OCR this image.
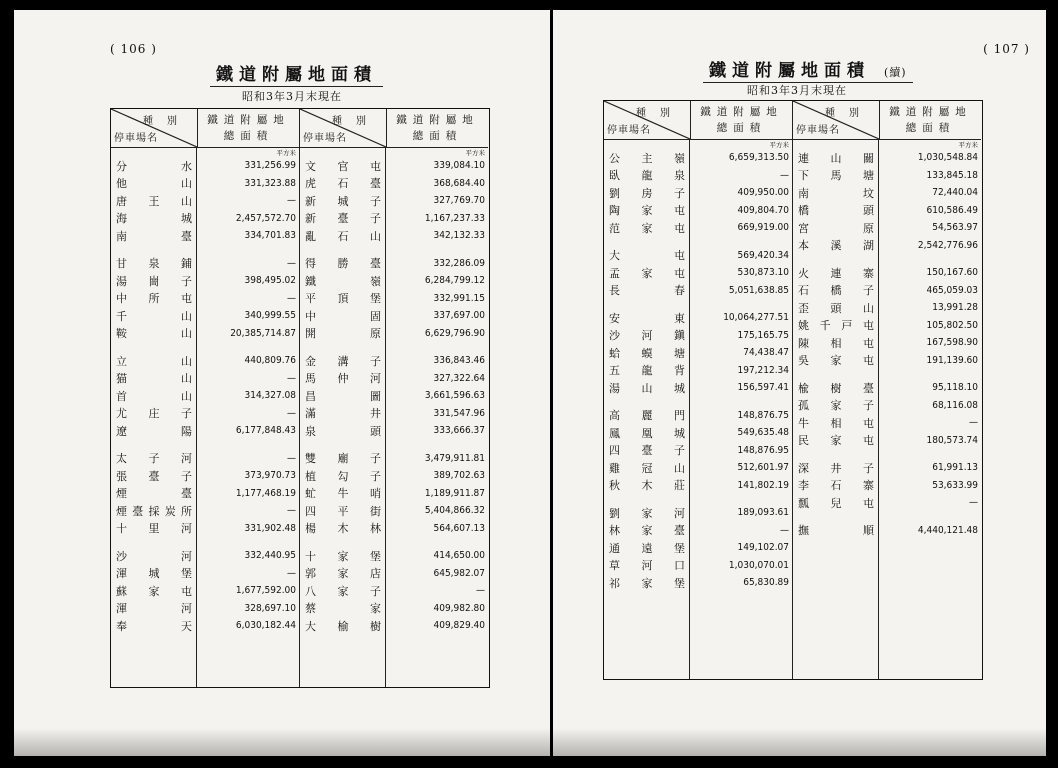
( 106 )
鐵道附屬地面積
昭和3年3月末現在
種別
停車場名
鐵道附屬地
總面積
平方米
分	水	331,256.99
他	山	331,323.88
唐 王 山	—
海	城	2,457,572.70
南	臺	334,701.83
甘 泉 鋪	—
湯 崗 子	398,495.02
中 所 屯	—
千	山	340,999.55
鞍	山	20,385,714.87
立	山	440,809.76
猫	山	—
首	山	314,327.08
尤 庄 子	—
遼	陽	6,177,848.43
太 子 河	—
張 臺 子	373,970.73
煙	臺	1,177,468.19
煙 臺 採 炭 所	—
十 里 河	331,902.48
沙	河	332,440.95
渾 城 堡	—
蘇 家 屯	1,677,592.00
渾	河	328,697.10
奉	天	6,030,182.44
種別
停車場名
鐵道附屬地
總面積
平方米
文 官 屯	339,084.10
虎 石 臺	368,684.40
新 城 子	327,769.70
新 臺 子	1,167,237.33
亂 石 山	342,132.33
得 勝 臺	332,286.09
鐵	嶺	6,284,799.12
平 頂 堡	332,991.15
中	固	337,697.00
開	原	6,629,796.90
金 溝 子	336,843.46
馬 仲 河	327,322.64
昌	圖	3,661,596.63
滿	井	331,547.96
泉	頭	333,666.37
雙 廟 子	3,479,911.81
植 勾 子	389,702.63
虻 牛 哨	1,189,911.87
四 平 街	5,404,866.32
楊 木 林	564,607.13
十 家 堡	414,650.00
郭 家 店	645,982.07
八 家 子	—
蔡	家	409,982.80
大 榆 樹	409,829.40
( 107 )
鐵道附屬地面積 (續)
昭和3年3月末現在
種別
停車場名
鐵道附屬地
總面積
平方米
公 主 嶺	6,659,313.50
臥 龍 泉	—
劉 房 子	409,950.00
陶 家 屯	409,804.70
范 家 屯	669,919.00
大	屯	569,420.34
孟 家 屯	530,873.10
長	春	5,051,638.85
安	東	10,064,277.51
沙 河 鎭	175,165.75
蛤 蟆 塘	74,438.47
五 龍 背	197,212.34
湯 山 城	156,597.41
高 麗 門	148,876.75
鳳 凰 城	549,635.48
四 臺 子	148,876.95
雞 冠 山	512,601.97
秋 木 莊	141,802.19
劉 家 河	189,093.61
林 家 臺	—
通 遠 堡	149,102.07
草 河 口	1,030,070.01
祁 家 堡	65,830.89
種別
停車場名
鐵道附屬地
總面積
平方米
連 山 關	1,030,548.84
下 馬 塘	133,845.18
南	坟	72,440.04
橋	頭	610,586.49
宮	原	54,563.97
本 溪 湖	2,542,776.96
火 連 寨	150,167.60
石 橋 子	465,059.03
歪 頭 山	13,991.28
姚 千 戸 屯	105,802.50
陳 相 屯	167,598.90
吳 家 屯	191,139.60
楡 樹 臺	95,118.10
孤 家 子	68,116.08
牛 相 屯	—
民 家 屯	180,573.74
深 井 子	61,991.13
李 石 寨	53,633.99
瓢 兒 屯	—
撫	順	4,440,121.48
